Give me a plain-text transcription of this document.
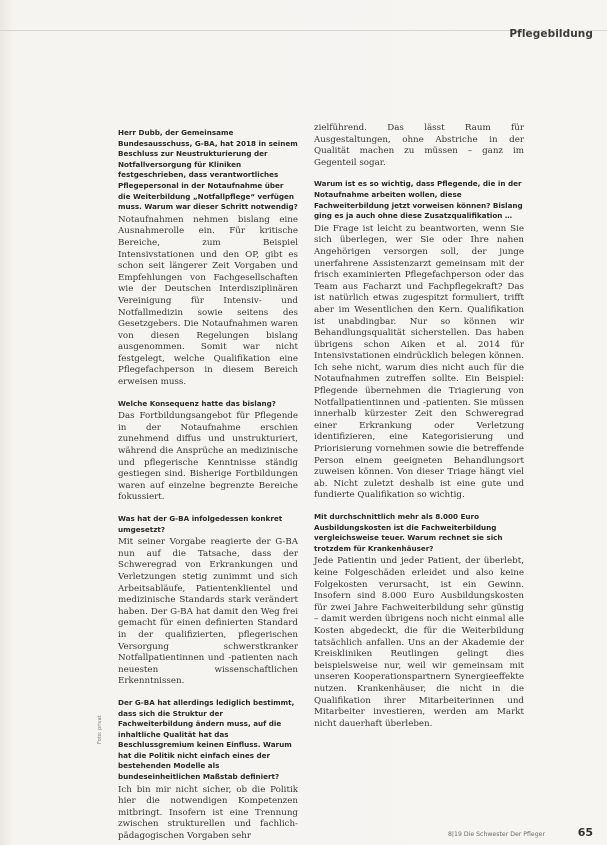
Pflegebildung
Herr Dubb, der Gemeinsame Bundesausschuss, G-BA, hat 2018 in seinem Beschluss zur Neustrukturierung der Notfallversorgung für Kliniken festgeschrieben, dass verantwortliches Pflegepersonal in der Notaufnahme über die Weiterbildung „Notfallpflege“ verfügen muss. Warum war dieser Schritt notwendig?
Notaufnahmen nehmen bislang eine Ausnahmerolle ein. Für kritische Bereiche, zum Beispiel Intensivstationen und den OP, gibt es schon seit längerer Zeit Vorgaben und Empfehlungen von Fachgesellschaften wie der Deutschen Interdisziplinären Vereinigung für Intensiv- und Notfallmedizin sowie seitens des Gesetzgebers. Die Notaufnahmen waren von diesen Regelungen bislang ausgenommen. Somit war nicht festgelegt, welche Qualifikation eine Pflegefachperson in diesem Bereich erweisen muss.
Welche Konsequenz hatte das bislang?
Das Fortbildungsangebot für Pflegende in der Notaufnahme erschien zunehmend diffus und unstrukturiert, während die Ansprüche an medizinische und pflegerische Kenntnisse ständig gestiegen sind. Bisherige Fortbildungen waren auf einzelne begrenzte Bereiche fokussiert.
Was hat der G-BA infolgedessen konkret umgesetzt?
Mit seiner Vorgabe reagierte der G-BA nun auf die Tatsache, dass der Schweregrad von Erkrankungen und Verletzungen stetig zunimmt und sich Arbeitsabläufe, Patientenklientel und medizinische Standards stark verändert haben. Der G-BA hat damit den Weg frei gemacht für einen definierten Standard in der qualifizierten, pflegerischen Versorgung schwerstkranker Notfallpatientinnen und -patienten nach neuesten wissenschaftlichen Erkenntnissen.
Der G-BA hat allerdings lediglich bestimmt, dass sich die Struktur der Fachweiterbildung ändern muss, auf die inhaltliche Qualität hat das Beschlussgremium keinen Einfluss. Warum hat die Politik nicht einfach eines der bestehenden Modelle als bundeseinheitlichen Maßstab definiert?
Ich bin mir nicht sicher, ob die Politik hier die notwendigen Kompetenzen mitbringt. Insofern ist eine Trennung zwischen strukturellen und fachlich-pädagogischen Vorgaben sehr
zielführend. Das lässt Raum für Ausgestaltungen, ohne Abstriche in der Qualität machen zu müssen – ganz im Gegenteil sogar.
Warum ist es so wichtig, dass Pflegende, die in der Notaufnahme arbeiten wollen, diese Fachweiterbildung jetzt vorweisen können? Bislang ging es ja auch ohne diese Zusatzqualifikation …
Die Frage ist leicht zu beantworten, wenn Sie sich überlegen, wer Sie oder Ihre nahen Angehörigen versorgen soll, der junge unerfahrene Assistenzarzt gemeinsam mit der frisch examinierten Pflegefachperson oder das Team aus Facharzt und Fachpflegekraft? Das ist natürlich etwas zugespitzt formuliert, trifft aber im Wesentlichen den Kern. Qualifikation ist unabdingbar. Nur so können wir Behandlungsqualität sicherstellen. Das haben übrigens schon Aiken et al. 2014 für Intensivstationen eindrücklich belegen können. Ich sehe nicht, warum dies nicht auch für die Notaufnahmen zutreffen sollte. Ein Beispiel: Pflegende übernehmen die Triagierung von Notfallpatientinnen und -patienten. Sie müssen innerhalb kürzester Zeit den Schweregrad einer Erkrankung oder Verletzung identifizieren, eine Kategorisierung und Priorisierung vornehmen sowie die betreffende Person einem geeigneten Behandlungsort zuweisen können. Von dieser Triage hängt viel ab. Nicht zuletzt deshalb ist eine gute und fundierte Qualifikation so wichtig.
Mit durchschnittlich mehr als 8.000 Euro Ausbildungskosten ist die Fachweiterbildung vergleichsweise teuer. Warum rechnet sie sich trotzdem für Krankenhäuser?
Jede Patientin und jeder Patient, der überlebt, keine Folgeschäden erleidet und also keine Folgekosten verursacht, ist ein Gewinn. Insofern sind 8.000 Euro Ausbildungskosten für zwei Jahre Fachweiterbildung sehr günstig – damit werden übrigens noch nicht einmal alle Kosten abgedeckt, die für die Weiterbildung tatsächlich anfallen. Uns an der Akademie der Kreiskliniken Reutlingen gelingt dies beispielsweise nur, weil wir gemeinsam mit unseren Kooperationspartnern Synergieeffekte nutzen. Krankenhäuser, die nicht in die Qualifikation ihrer Mitarbeiterinnen und Mitarbeiter investieren, werden am Markt nicht dauerhaft überleben.
Foto: privat
8|19 Die Schwester Der Pfleger	65
